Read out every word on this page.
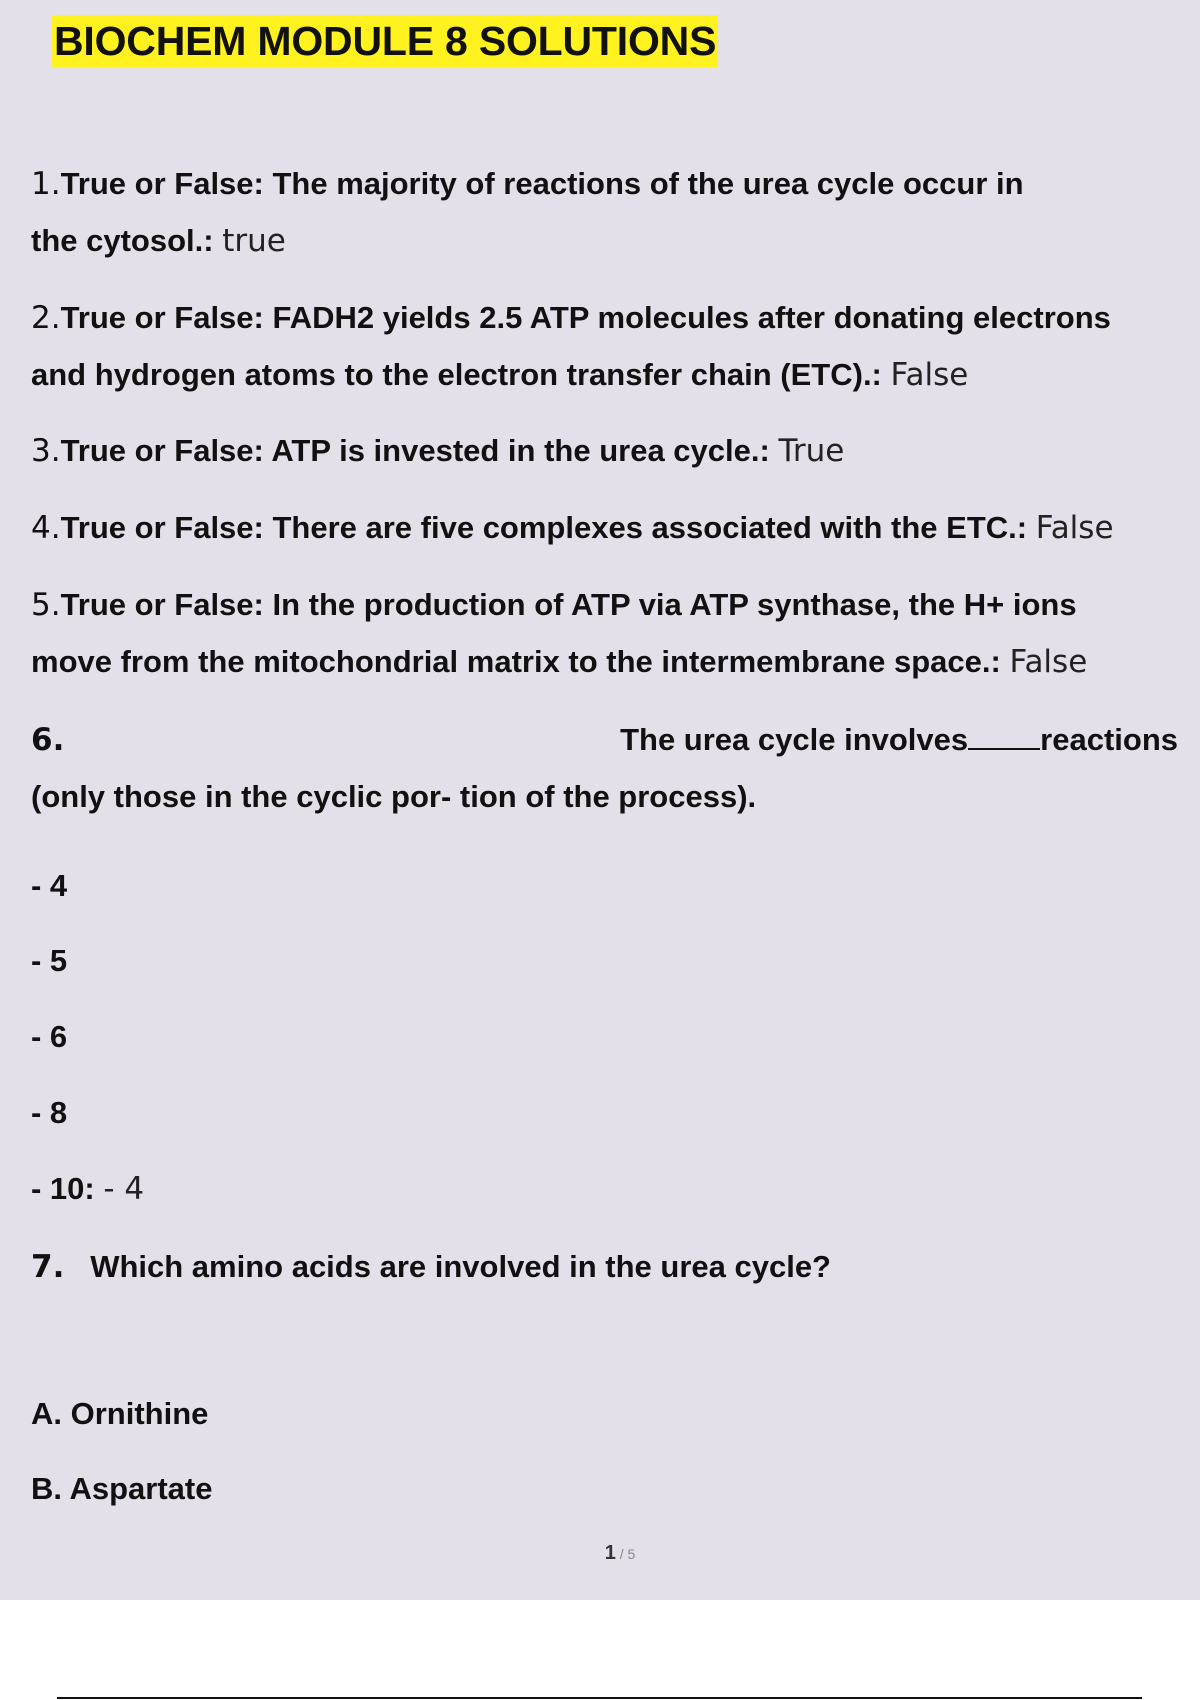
BIOCHEM MODULE 8 SOLUTIONS
1.True or False: The majority of reactions of the urea cycle occur in
the cytosol.: true
2.True or False: FADH2 yields 2.5 ATP molecules after donating electrons
and hydrogen atoms to the electron transfer chain (ETC).: False
3.True or False: ATP is invested in the urea cycle.: True
4.True or False: There are five complexes associated with the ETC.: False
5.True or False: In the production of ATP via ATP synthase, the H+ ions
move from the mitochondrial matrix to the intermembrane space.: False
6.	The urea cycle involves reactions
(only those in the cyclic por- tion of the process).
- 4
- 5
- 6
- 8
- 10: - 4
7. Which amino acids are involved in the urea cycle?
A. Ornithine
B. Aspartate
1 / 5
